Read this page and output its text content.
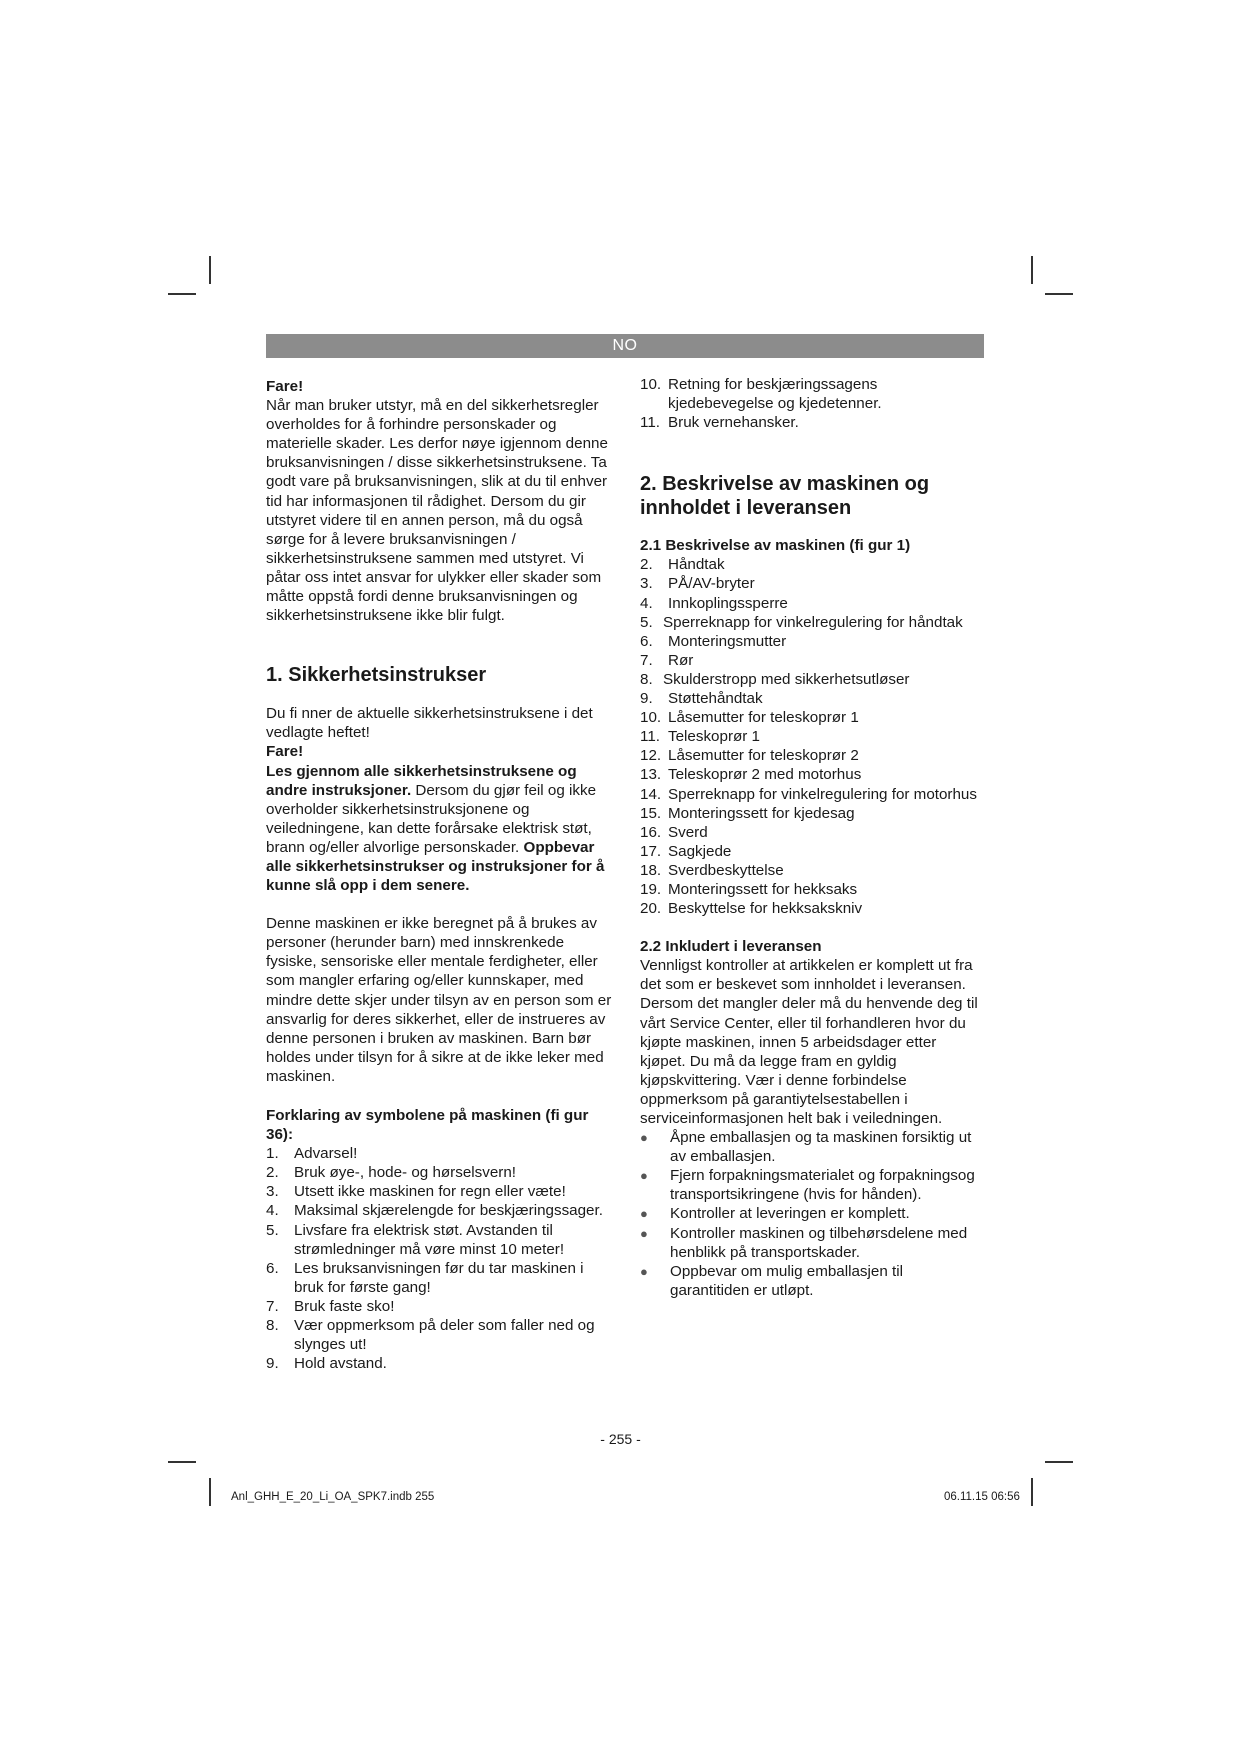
NO

Fare!

Når man bruker utstyr, må en del sikkerhetsregler overholdes for å forhindre personskader og materielle skader. Les derfor nøye igjennom denne bruksanvisningen / disse sikkerhetsinstruksene. Ta godt vare på bruksanvisningen, slik at du til enhver tid har informasjonen til rådighet. Dersom du gir utstyret videre til en annen person, må du også sørge for å levere bruksanvisningen / sikkerhetsinstruksene sammen med utstyret. Vi påtar oss intet ansvar for ulykker eller skader som måtte oppstå fordi denne bruksanvisningen og sikkerhetsinstruksene ikke blir fulgt.

1. Sikkerhetsinstrukser

Du fi nner de aktuelle sikkerhetsinstruksene i det vedlagte heftet!

Fare!

Les gjennom alle sikkerhetsinstruksene og andre instruksjoner. Dersom du gjør feil og ikke overholder sikkerhetsinstruksjonene og veiledningene, kan dette forårsake elektrisk støt, brann og/eller alvorlige personskader. Oppbevar alle sikkerhetsinstrukser og instruksjoner for å kunne slå opp i dem senere.

Denne maskinen er ikke beregnet på å brukes av personer (herunder barn) med innskrenkede fysiske, sensoriske eller mentale ferdigheter, eller som mangler erfaring og/eller kunnskaper, med mindre dette skjer under tilsyn av en person som er ansvarlig for deres sikkerhet, eller de instrueres av denne personen i bruken av maskinen. Barn bør holdes under tilsyn for å sikre at de ikke leker med maskinen.

Forklaring av symbolene på maskinen (fi gur 36):
1. Advarsel!
2. Bruk øye-, hode- og hørselsvern!
3. Utsett ikke maskinen for regn eller væte!
4. Maksimal skjærelengde for beskjæringssager.
5. Livsfare fra elektrisk støt. Avstanden til strømledninger må vøre minst 10 meter!
6. Les bruksanvisningen før du tar maskinen i bruk for første gang!
7. Bruk faste sko!
8. Vær oppmerksom på deler som faller ned og slynges ut!
9. Hold avstand.
10. Retning for beskjæringssagens kjedebevegelse og kjedetenner.
11. Bruk vernehansker.
2. Beskrivelse av maskinen og innholdet i leveransen
2.1 Beskrivelse av maskinen (fi gur 1)
2. Håndtak
3. PÅ/AV-bryter
4. Innkoplingssperre
5. Sperreknapp for vinkelregulering for håndtak
6. Monteringsmutter
7. Rør
8. Skulderstropp med sikkerhetsutløser
9. Støttehåndtak
10. Låsemutter for teleskoprør 1
11. Teleskoprør 1
12. Låsemutter for teleskoprør 2
13. Teleskoprør 2 med motorhus
14. Sperreknapp for vinkelregulering for motorhus
15. Monteringssett for kjedesag
16. Sverd
17. Sagkjede
18. Sverdbeskyttelse
19. Monteringssett for hekksaks
20. Beskyttelse for hekksakskniv
2.2 Inkludert i leveransen

Vennligst kontroller at artikkelen er komplett ut fra det som er beskevet som innholdet i leveransen. Dersom det mangler deler må du henvende deg til vårt Service Center, eller til forhandleren hvor du kjøpte maskinen, innen 5 arbeidsdager etter kjøpet. Du må da legge fram en gyldig kjøpskvittering. Vær i denne forbindelse oppmerksom på garantiytelsestabellen i serviceinformasjonen helt bak i veiledningen.

● Åpne emballasjen og ta maskinen forsiktig ut av emballasjen.
● Fjern forpakningsmaterialet og forpakningsog transportsikringene (hvis for hånden).
● Kontroller at leveringen er komplett.
● Kontroller maskinen og tilbehørsdelene med henblikk på transportskader.
● Oppbevar om mulig emballasjen til garantitiden er utløpt.
- 255 -
Anl_GHH_E_20_Li_OA_SPK7.indb 255	06.11.15 06:56
